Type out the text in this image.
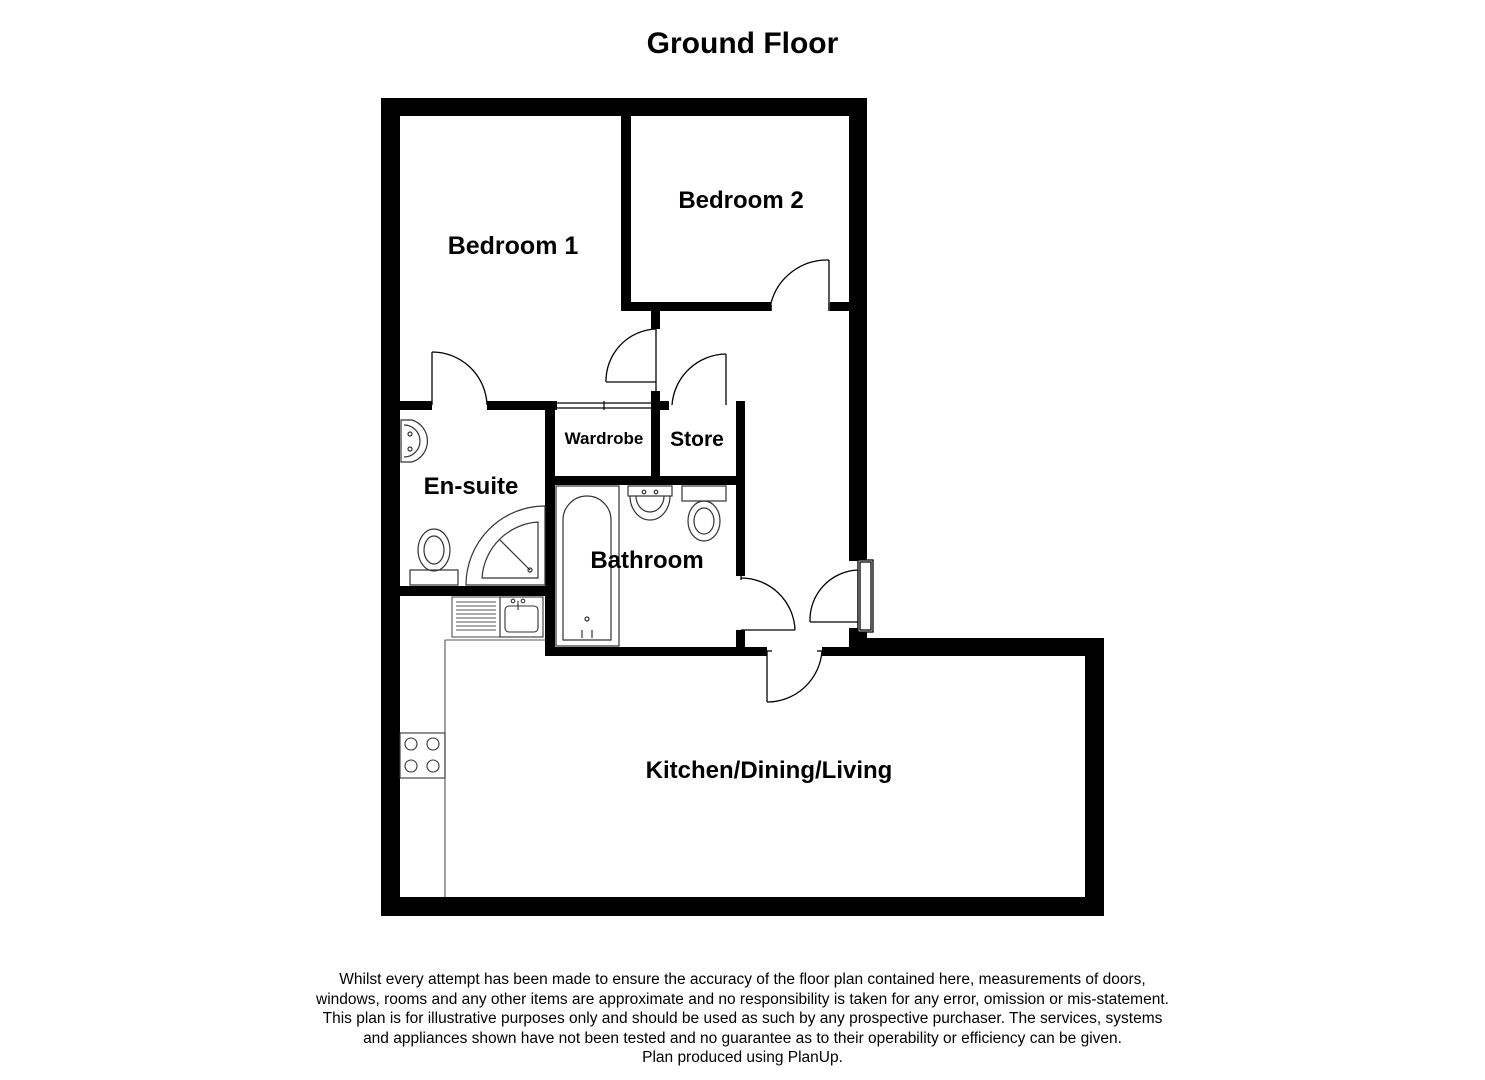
Ground Floor
Bedroom 1
Bedroom 2
Wardrobe Store
En-suite
Bathroom
Kitchen/Dining/Living
Whilst every attempt has been made to ensure the accuracy of the floor plan contained here, measurements of doors,
windows, rooms and any other items are approximate and no responsibility is taken for any error, omission or mis-statement.
This plan is for illustrative purposes only and should be used as such by any prospective purchaser. The services, systems
and appliances shown have not been tested and no guarantee as to their operability or efficiency can be given.
Plan produced using PlanUp.
